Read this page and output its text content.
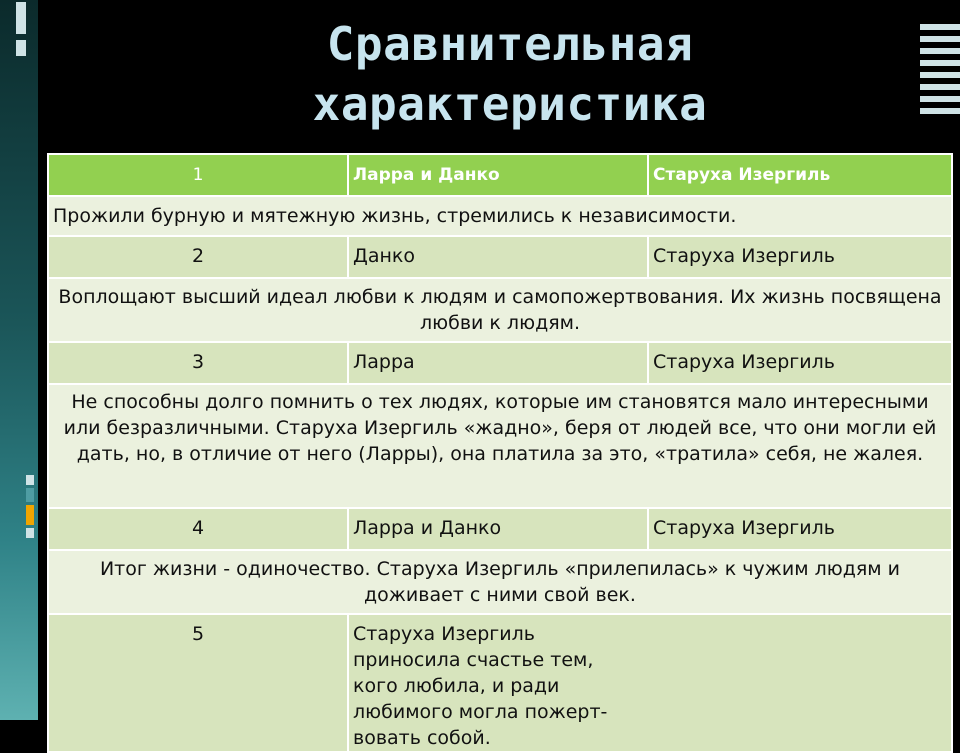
Сравнительная
характеристика
1	Ларра и Данко	Старуха Изергиль
Прожили бурную и мятежную жизнь, стремились к независимости.		
2	Данко	Старуха Изергиль
Воплощают высший идеал любви к людям и самопожертвования. Их жизнь посвящена любви к людям.		
3	Ларра	Старуха Изергиль
Не способны долго помнить о тех людях, которые им становятся мало интересными или безразличными. Старуха Изергиль «жадно», беря от людей все, что они могли ей дать, но, в отличие от него (Ларры), она платила за это, «тратила» себя, не жалея.		
4	Ларра и Данко	Старуха Изергиль
Итог жизни - одиночество. Старуха Изергиль «прилепилась» к чужим людям и доживает с ними свой век.		
5	Старуха Изергиль приносила счастье тем, кого любила, и ради любимого могла пожерт-вовать собой.	
